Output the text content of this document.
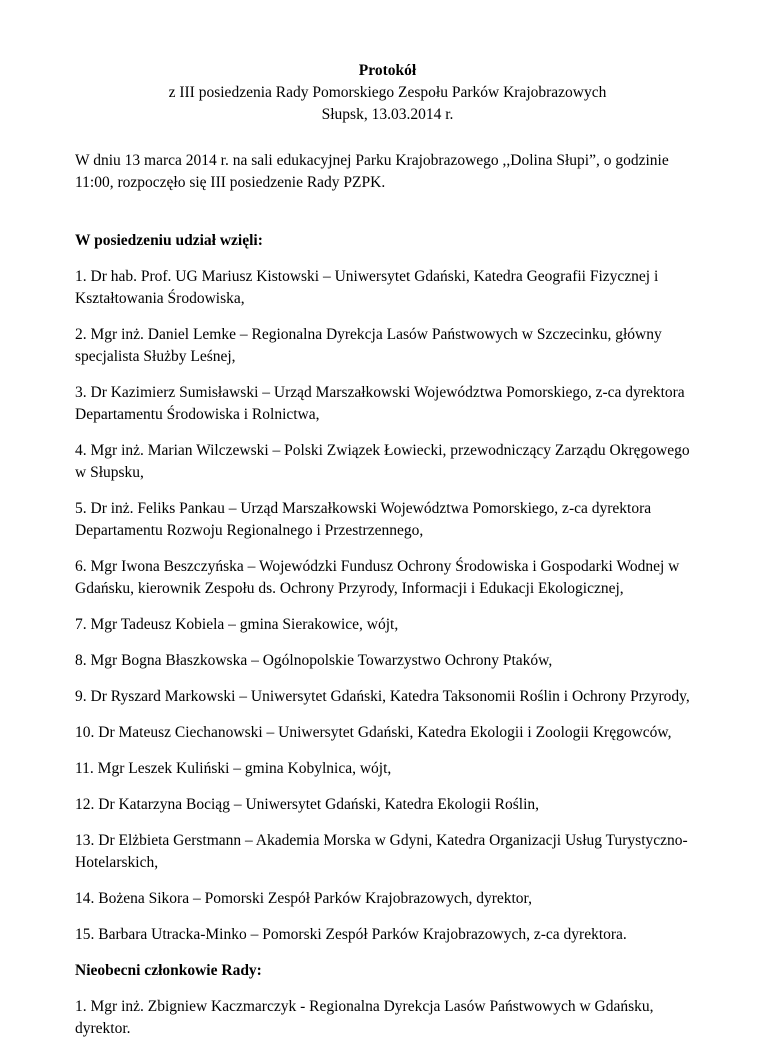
Protokół
z III posiedzenia Rady Pomorskiego Zespołu Parków Krajobrazowych
Słupsk, 13.03.2014 r.
W dniu 13 marca 2014 r. na sali edukacyjnej Parku Krajobrazowego ,,Dolina Słupi”, o godzinie 11:00, rozpoczęło się III posiedzenie Rady PZPK.
W posiedzeniu udział wzięli:
1. Dr hab. Prof. UG Mariusz Kistowski – Uniwersytet Gdański, Katedra Geografii Fizycznej i Kształtowania Środowiska,
2. Mgr inż. Daniel Lemke – Regionalna Dyrekcja Lasów Państwowych w Szczecinku, główny specjalista Służby Leśnej,
3. Dr Kazimierz Sumisławski – Urząd Marszałkowski Województwa Pomorskiego, z-ca dyrektora Departamentu Środowiska i Rolnictwa,
4. Mgr inż. Marian Wilczewski – Polski Związek Łowiecki, przewodniczący Zarządu Okręgowego w Słupsku,
5. Dr inż. Feliks Pankau – Urząd Marszałkowski Województwa Pomorskiego, z-ca dyrektora Departamentu Rozwoju Regionalnego i Przestrzennego,
6. Mgr Iwona Beszczyńska – Wojewódzki Fundusz Ochrony Środowiska i Gospodarki Wodnej w Gdańsku, kierownik Zespołu ds. Ochrony Przyrody, Informacji i Edukacji Ekologicznej,
7. Mgr Tadeusz Kobiela – gmina Sierakowice, wójt,
8. Mgr Bogna Błaszkowska – Ogólnopolskie Towarzystwo Ochrony Ptaków,
9. Dr Ryszard Markowski – Uniwersytet Gdański, Katedra Taksonomii Roślin i Ochrony Przyrody,
10. Dr Mateusz Ciechanowski – Uniwersytet Gdański, Katedra Ekologii i Zoologii Kręgowców,
11. Mgr Leszek Kuliński – gmina Kobylnica, wójt,
12. Dr Katarzyna Bociąg – Uniwersytet Gdański, Katedra Ekologii Roślin,
13. Dr Elżbieta Gerstmann – Akademia Morska w Gdyni, Katedra Organizacji Usług Turystyczno-Hotelarskich,
14. Bożena Sikora – Pomorski Zespół Parków Krajobrazowych, dyrektor,
15. Barbara Utracka-Minko – Pomorski Zespół Parków Krajobrazowych, z-ca dyrektora.
Nieobecni członkowie Rady:
1. Mgr inż. Zbigniew Kaczmarczyk - Regionalna Dyrekcja Lasów Państwowych w Gdańsku, dyrektor.
